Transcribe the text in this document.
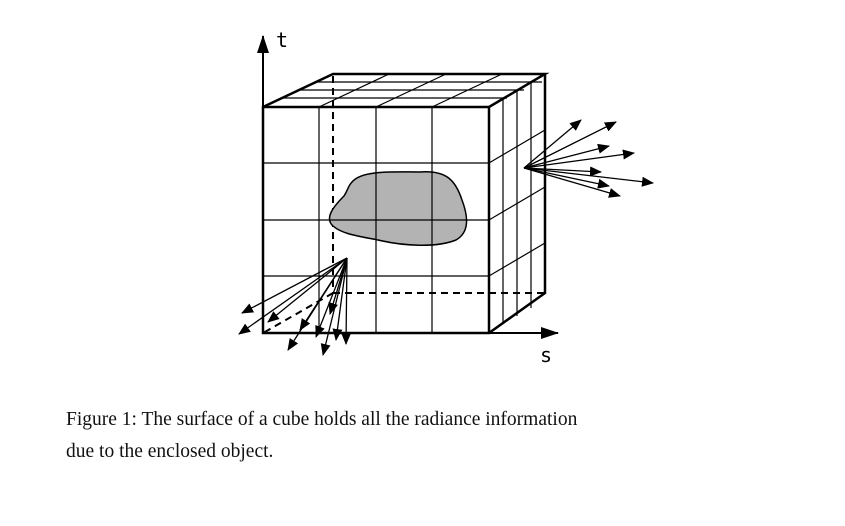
t
s
Figure 1: The surface of a cube holds all the radiance information
due to the enclosed object.
